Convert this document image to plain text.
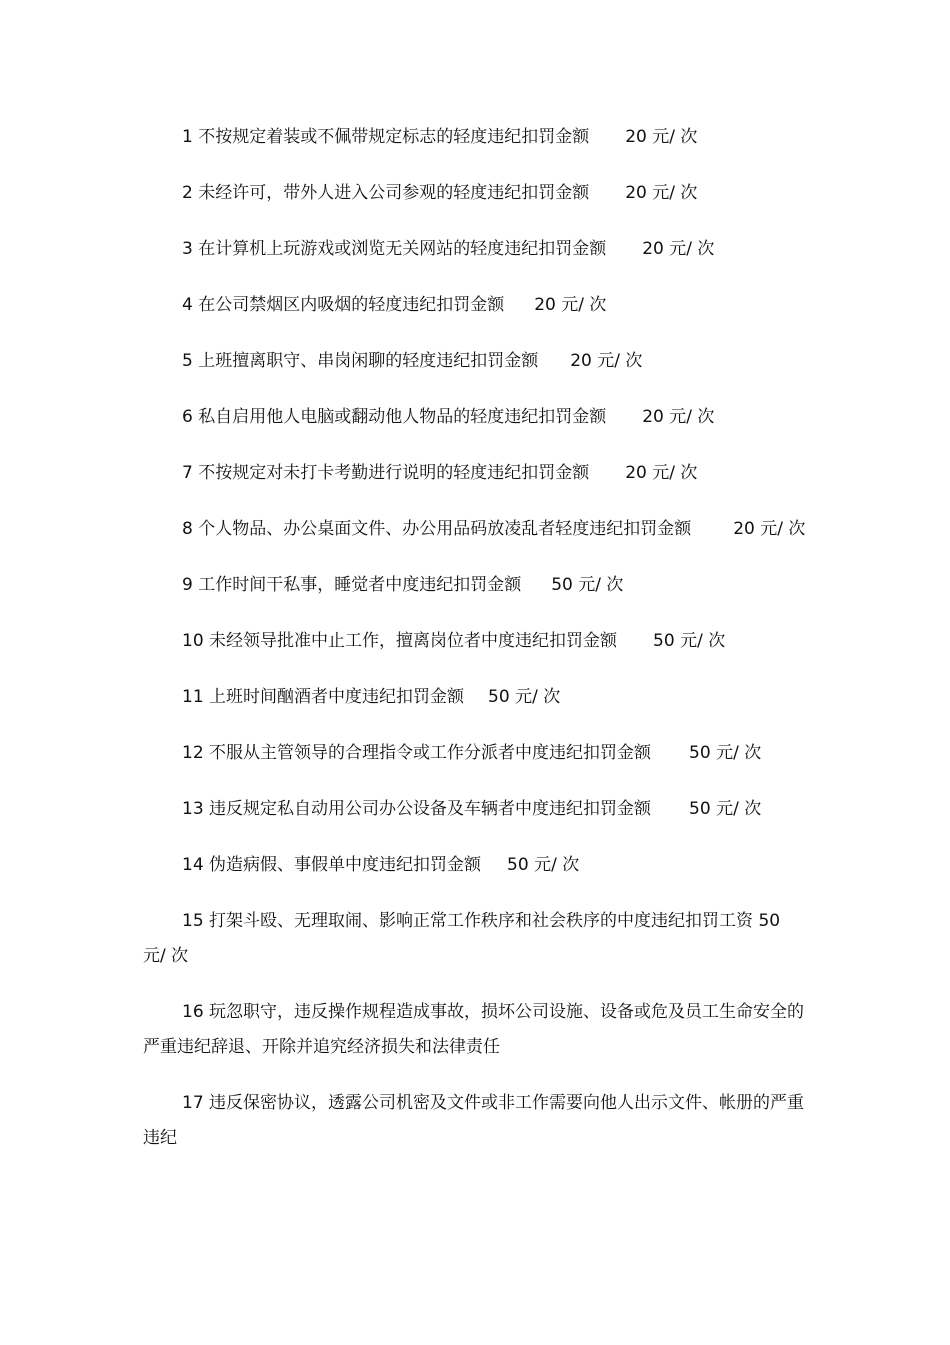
1 不按规定着装或不佩带规定标志的轻度违纪扣罚金额 20 元/ 次

2 未经许可，带外人进入公司参观的轻度违纪扣罚金额 20 元/ 次

3 在计算机上玩游戏或浏览无关网站的轻度违纪扣罚金额 20 元/ 次

4 在公司禁烟区内吸烟的轻度违纪扣罚金额 20 元/ 次

5 上班擅离职守、串岗闲聊的轻度违纪扣罚金额 20 元/ 次

6 私自启用他人电脑或翻动他人物品的轻度违纪扣罚金额 20 元/ 次

7 不按规定对未打卡考勤进行说明的轻度违纪扣罚金额 20 元/ 次

8 个人物品、办公桌面文件、办公用品码放凌乱者轻度违纪扣罚金额 20 元/ 次

9 工作时间干私事，睡觉者中度违纪扣罚金额 50 元/ 次

10 未经领导批准中止工作，擅离岗位者中度违纪扣罚金额 50 元/ 次

11 上班时间酗酒者中度违纪扣罚金额 50 元/ 次

12 不服从主管领导的合理指令或工作分派者中度违纪扣罚金额 50 元/ 次

13 违反规定私自动用公司办公设备及车辆者中度违纪扣罚金额 50 元/ 次

14 伪造病假、事假单中度违纪扣罚金额 50 元/ 次

15 打架斗殴、无理取闹、影响正常工作秩序和社会秩序的中度违纪扣罚工资 50 元/ 次

16 玩忽职守，违反操作规程造成事故，损坏公司设施、设备或危及员工生命安全的严重违纪辞退、开除并追究经济损失和法律责任

17 违反保密协议，透露公司机密及文件或非工作需要向他人出示文件、帐册的严重违纪
